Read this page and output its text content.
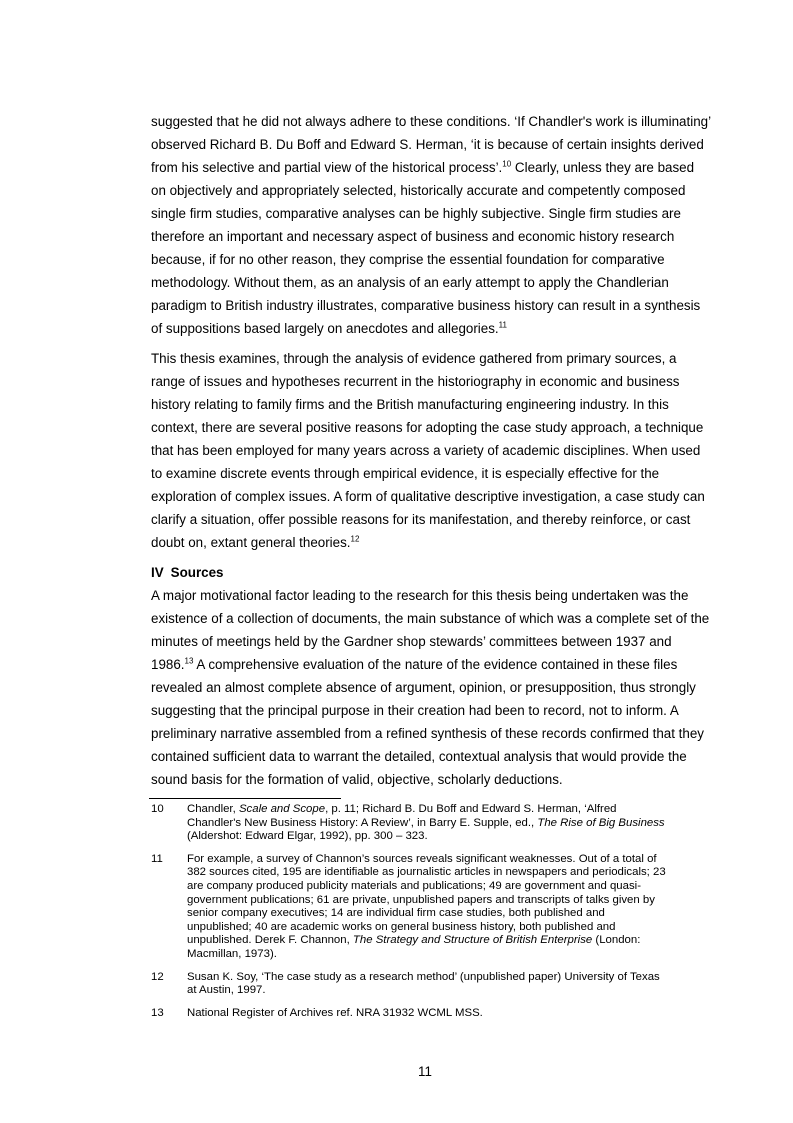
suggested that he did not always adhere to these conditions. ‘If Chandler's work is illuminating’ observed Richard B. Du Boff and Edward S. Herman, ‘it is because of certain insights derived from his selective and partial view of the historical process’.$^{10}$ Clearly, unless they are based on objectively and appropriately selected, historically accurate and competently composed single firm studies, comparative analyses can be highly subjective. Single firm studies are therefore an important and necessary aspect of business and economic history research because, if for no other reason, they comprise the essential foundation for comparative methodology. Without them, as an analysis of an early attempt to apply the Chandlerian paradigm to British industry illustrates, comparative business history can result in a synthesis of suppositions based largely on anecdotes and allegories.$^{11}$

This thesis examines, through the analysis of evidence gathered from primary sources, a range of issues and hypotheses recurrent in the historiography in economic and business history relating to family firms and the British manufacturing engineering industry. In this context, there are several positive reasons for adopting the case study approach, a technique that has been employed for many years across a variety of academic disciplines. When used to examine discrete events through empirical evidence, it is especially effective for the exploration of complex issues. A form of qualitative descriptive investigation, a case study can clarify a situation, offer possible reasons for its manifestation, and thereby reinforce, or cast doubt on, extant general theories.$^{12}$

IV Sources

A major motivational factor leading to the research for this thesis being undertaken was the existence of a collection of documents, the main substance of which was a complete set of the minutes of meetings held by the Gardner shop stewards’ committees between 1937 and 1986.13 A comprehensive evaluation of the nature of the evidence contained in these files revealed an almost complete absence of argument, opinion, or presupposition, thus strongly suggesting that the principal purpose in their creation had been to record, not to inform. A preliminary narrative assembled from a refined synthesis of these records confirmed that they contained sufficient data to warrant the detailed, contextual analysis that would provide the sound basis for the formation of valid, objective, scholarly deductions.

10	Chandler, Scale and Scope, p. 11; Richard B. Du Boff and Edward S. Herman, ‘Alfred Chandler's New Business History: A Review’, in Barry E. Supple, ed., The Rise of Big Business (Aldershot: Edward Elgar, 1992), pp. 300 – 323.
11	For example, a survey of Channon’s sources reveals significant weaknesses. Out of a total of 382 sources cited, 195 are identifiable as journalistic articles in newspapers and periodicals; 23 are company produced publicity materials and publications; 49 are government and quasi-government publications; 61 are private, unpublished papers and transcripts of talks given by senior company executives; 14 are individual firm case studies, both published and unpublished; 40 are academic works on general business history, both published and unpublished. Derek F. Channon, The Strategy and Structure of British Enterprise (London: Macmillan, 1973).
12	Susan K. Soy, ‘The case study as a research method’ (unpublished paper) University of Texas at Austin, 1997.
13	National Register of Archives ref. NRA 31932 WCML MSS.
11
